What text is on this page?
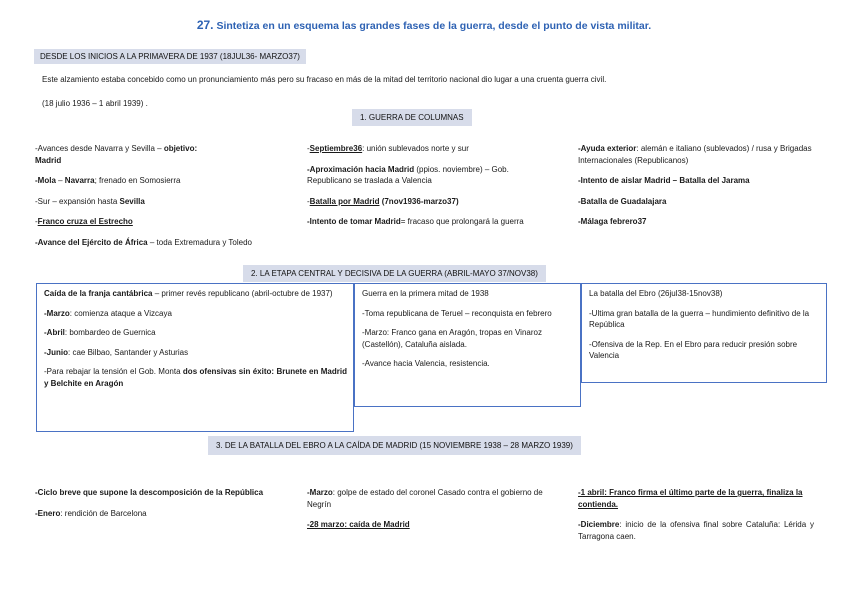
27. Sintetiza en un esquema las grandes fases de la guerra, desde el punto de vista militar.
DESDE LOS INICIOS A LA PRIMAVERA DE 1937 (18JUL36- MARZO37)
Este alzamiento estaba concebido como un pronunciamiento más pero su fracaso en más de la mitad del territorio nacional dio lugar a una cruenta guerra civil.
(18 julio 1936 – 1 abril 1939) .
1. GUERRA DE COLUMNAS

-Avances desde Navarra y Sevilla – objetivo:
Madrid

-Mola – Navarra; frenado en Somosierra

-Sur – expansión hasta Sevilla

-Franco cruza el Estrecho

-Avance del Ejército de África – toda Extremadura y Toledo

-Septiembre36: unión sublevados norte y sur

-Aproximación hacia Madrid (ppios. noviembre) – Gob. Republicano se traslada a Valencia

-Batalla por Madrid (7nov1936-marzo37)

-Intento de tomar Madrid= fracaso que prolongará la guerra

-Ayuda exterior: alemán e italiano (sublevados) / rusa y Brigadas Internacionales (Republicanos)

-Intento de aislar Madrid – Batalla del Jarama

-Batalla de Guadalajara

-Málaga febrero37

2. LA ETAPA CENTRAL Y DECISIVA DE LA GUERRA (ABRIL-MAYO 37/NOV38)

Caída de la franja cantábrica – primer revés republicano (abril-octubre de 1937)

-Marzo: comienza ataque a Vizcaya

-Abril: bombardeo de Guernica

-Junio: cae Bilbao, Santander y Asturias

-Para rebajar la tensión el Gob. Monta dos ofensivas sin éxito: Brunete en Madrid y Belchite en Aragón

Guerra en la primera mitad de 1938

-Toma republicana de Teruel – reconquista en febrero

-Marzo: Franco gana en Aragón, tropas en Vinaroz (Castellón), Cataluña aislada.

-Avance hacia Valencia, resistencia.

La batalla del Ebro (26jul38-15nov38)

-Ultima gran batalla de la guerra – hundimiento definitivo de la República

-Ofensiva de la Rep. En el Ebro para reducir presión sobre Valencia

3. DE LA BATALLA DEL EBRO A LA CAÍDA DE MADRID (15 NOVIEMBRE 1938 – 28 MARZO 1939)

-Ciclo breve que supone la descomposición de la República

-Enero: rendición de Barcelona

-Marzo: golpe de estado del coronel Casado contra el gobierno de Negrín

-28 marzo: caída de Madrid

-1 abril: Franco firma el último parte de la guerra, finaliza la contienda.

-Diciembre: inicio de la ofensiva final sobre Cataluña: Lérida y Tarragona caen.
